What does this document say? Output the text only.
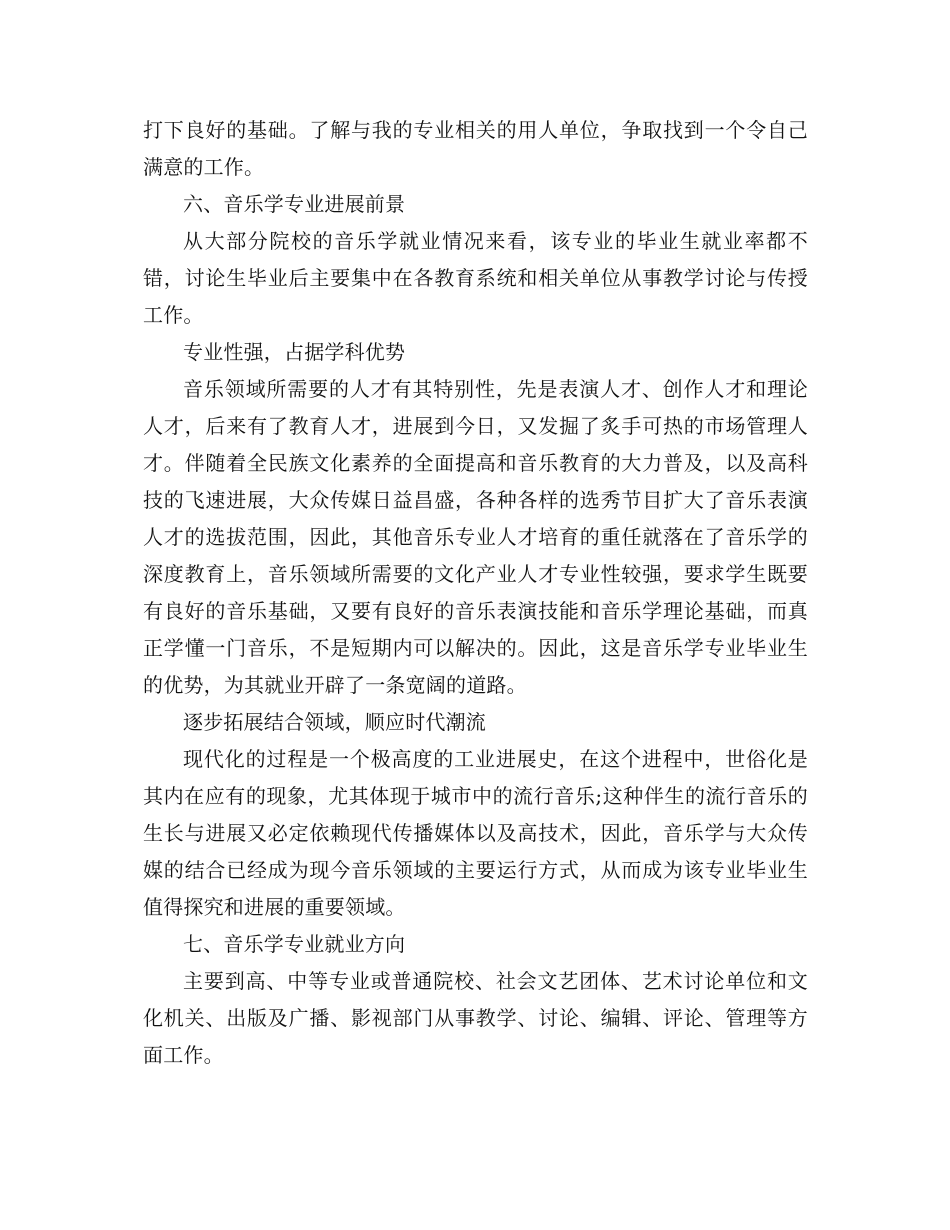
打下良好的基础。了解与我的专业相关的用人单位，争取找到一个令自己满意的工作。

六、音乐学专业进展前景

从大部分院校的音乐学就业情况来看，该专业的毕业生就业率都不错，讨论生毕业后主要集中在各教育系统和相关单位从事教学讨论与传授工作。

专业性强，占据学科优势

音乐领域所需要的人才有其特别性，先是表演人才、创作人才和理论人才，后来有了教育人才，进展到今日，又发掘了炙手可热的市场管理人才。伴随着全民族文化素养的全面提高和音乐教育的大力普及，以及高科技的飞速进展，大众传媒日益昌盛，各种各样的选秀节目扩大了音乐表演人才的选拔范围，因此，其他音乐专业人才培育的重任就落在了音乐学的深度教育上，音乐领域所需要的文化产业人才专业性较强，要求学生既要有良好的音乐基础，又要有良好的音乐表演技能和音乐学理论基础，而真正学懂一门音乐，不是短期内可以解决的。因此，这是音乐学专业毕业生的优势，为其就业开辟了一条宽阔的道路。

逐步拓展结合领域，顺应时代潮流

现代化的过程是一个极高度的工业进展史，在这个进程中，世俗化是其内在应有的现象，尤其体现于城市中的流行音乐;这种伴生的流行音乐的生长与进展又必定依赖现代传播媒体以及高技术，因此，音乐学与大众传媒的结合已经成为现今音乐领域的主要运行方式，从而成为该专业毕业生值得探究和进展的重要领域。

七、音乐学专业就业方向

主要到高、中等专业或普通院校、社会文艺团体、艺术讨论单位和文化机关、出版及广播、影视部门从事教学、讨论、编辑、评论、管理等方面工作。
